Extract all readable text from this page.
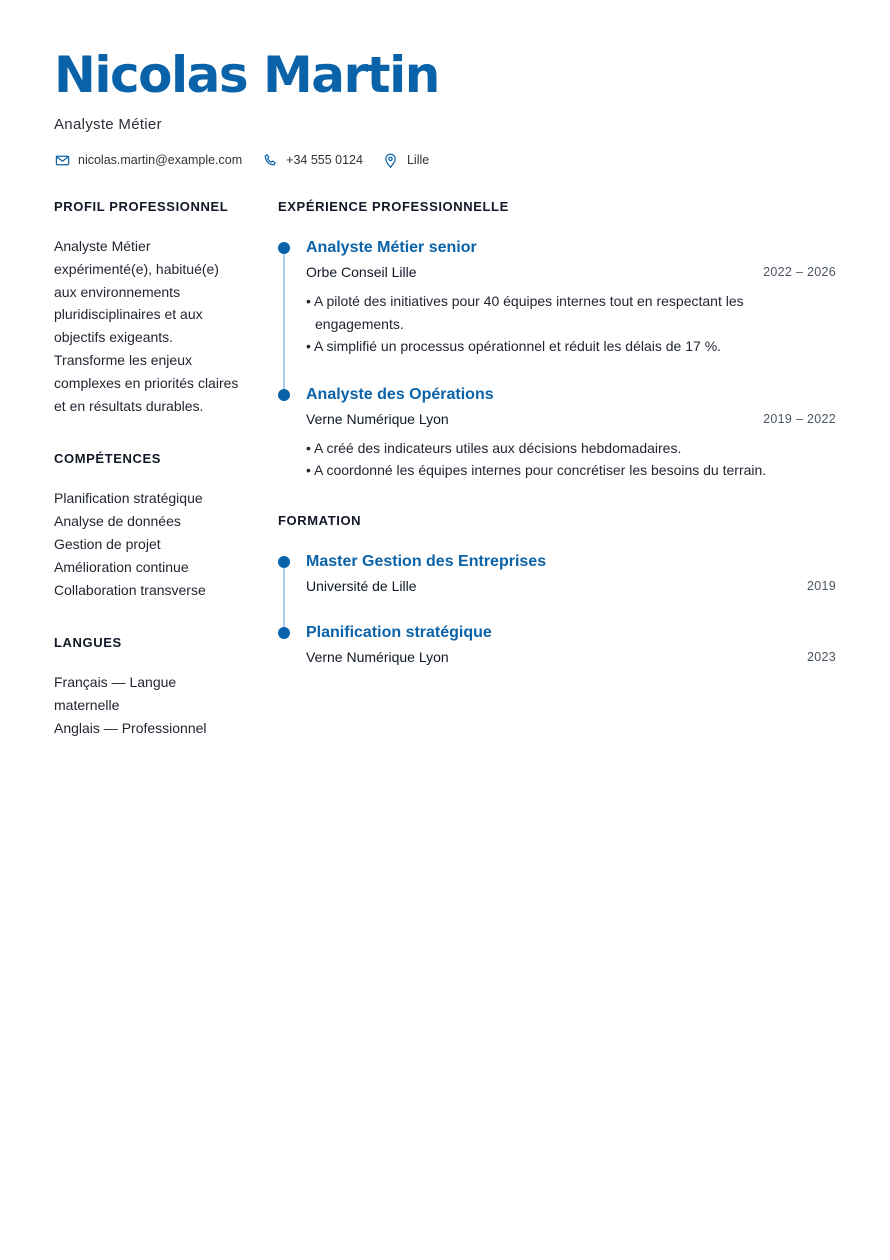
Nicolas Martin
Analyste Métier
nicolas.martin@example.com	+34 555 0124	Lille
PROFIL PROFESSIONNEL

Analyste Métier expérimenté(e), habitué(e) aux environnements pluridisciplinaires et aux objectifs exigeants. Transforme les enjeux complexes en priorités claires et en résultats durables.

COMPÉTENCES
Planification stratégique
Analyse de données
Gestion de projet
Amélioration continue
Collaboration transverse
LANGUES
Français — Langue maternelle
Anglais — Professionnel
EXPÉRIENCE PROFESSIONNELLE
Analyste Métier senior
Orbe Conseil Lille	2022 – 2026
• A piloté des initiatives pour 40 équipes internes tout en respectant les engagements.
• A simplifié un processus opérationnel et réduit les délais de 17 %.
Analyste des Opérations
Verne Numérique Lyon	2019 – 2022
• A créé des indicateurs utiles aux décisions hebdomadaires.
• A coordonné les équipes internes pour concrétiser les besoins du terrain.
FORMATION
Master Gestion des Entreprises
Université de Lille	2019
Planification stratégique
Verne Numérique Lyon	2023
